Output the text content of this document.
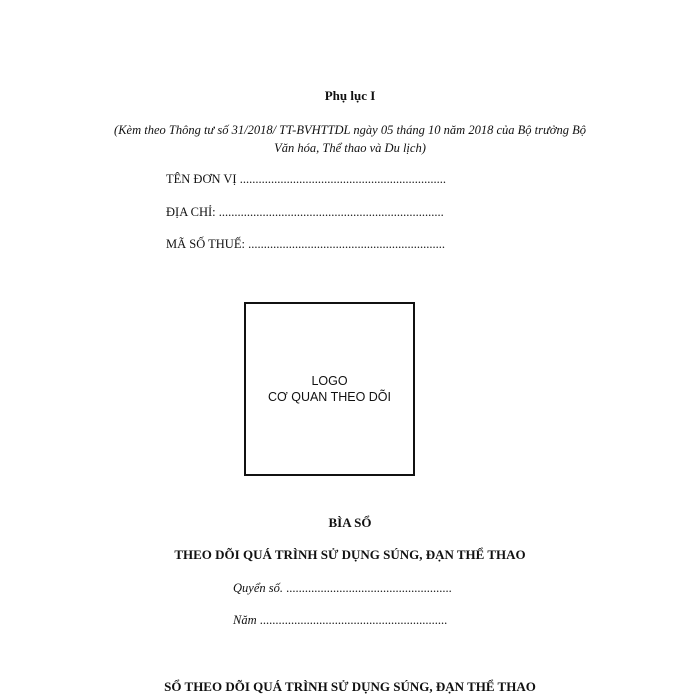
Phụ lục I
(Kèm theo Thông tư số 31/2018/ TT-BVHTTDL ngày 05 tháng 10 năm 2018 của Bộ trưởng Bộ
Văn hóa, Thể thao và Du lịch)
TÊN ĐƠN VỊ ..................................................................
ĐỊA CHỈ: ........................................................................
MÃ SỐ THUẾ: ...............................................................
LOGO
CƠ QUAN THEO DÕI
BÌA SỔ
THEO DÕI QUÁ TRÌNH SỬ DỤNG SÚNG, ĐẠN THỂ THAO
Quyển số. .....................................................
Năm ............................................................
SỔ THEO DÕI QUÁ TRÌNH SỬ DỤNG SÚNG, ĐẠN THỂ THAO
